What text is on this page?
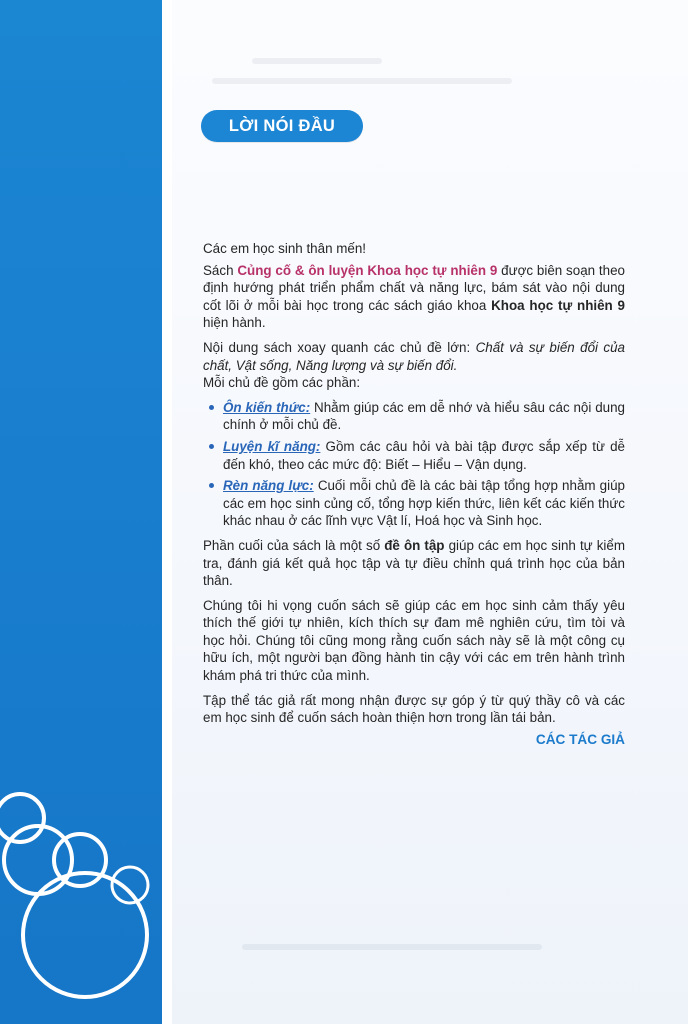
LỜI NÓI ĐẦU

Các em học sinh thân mến!

Sách Củng cố & ôn luyện Khoa học tự nhiên 9 được biên soạn theo định hướng phát triển phẩm chất và năng lực, bám sát vào nội dung cốt lõi ở mỗi bài học trong các sách giáo khoa Khoa học tự nhiên 9 hiện hành.

Nội dung sách xoay quanh các chủ đề lớn: Chất và sự biến đổi của chất, Vật sống, Năng lượng và sự biến đổi.

Mỗi chủ đề gồm các phần:

Ôn kiến thức: Nhằm giúp các em dễ nhớ và hiểu sâu các nội dung chính ở mỗi chủ đề.
Luyện kĩ năng: Gồm các câu hỏi và bài tập được sắp xếp từ dễ đến khó, theo các mức độ: Biết – Hiểu – Vận dụng.
Rèn năng lực: Cuối mỗi chủ đề là các bài tập tổng hợp nhằm giúp các em học sinh củng cố, tổng hợp kiến thức, liên kết các kiến thức khác nhau ở các lĩnh vực Vật lí, Hoá học và Sinh học.

Phần cuối của sách là một số đề ôn tập giúp các em học sinh tự kiểm tra, đánh giá kết quả học tập và tự điều chỉnh quá trình học của bản thân.

Chúng tôi hi vọng cuốn sách sẽ giúp các em học sinh cảm thấy yêu thích thế giới tự nhiên, kích thích sự đam mê nghiên cứu, tìm tòi và học hỏi. Chúng tôi cũng mong rằng cuốn sách này sẽ là một công cụ hữu ích, một người bạn đồng hành tin cậy với các em trên hành trình khám phá tri thức của mình.

Tập thể tác giả rất mong nhận được sự góp ý từ quý thầy cô và các em học sinh để cuốn sách hoàn thiện hơn trong lần tái bản.

CÁC TÁC GIẢ
